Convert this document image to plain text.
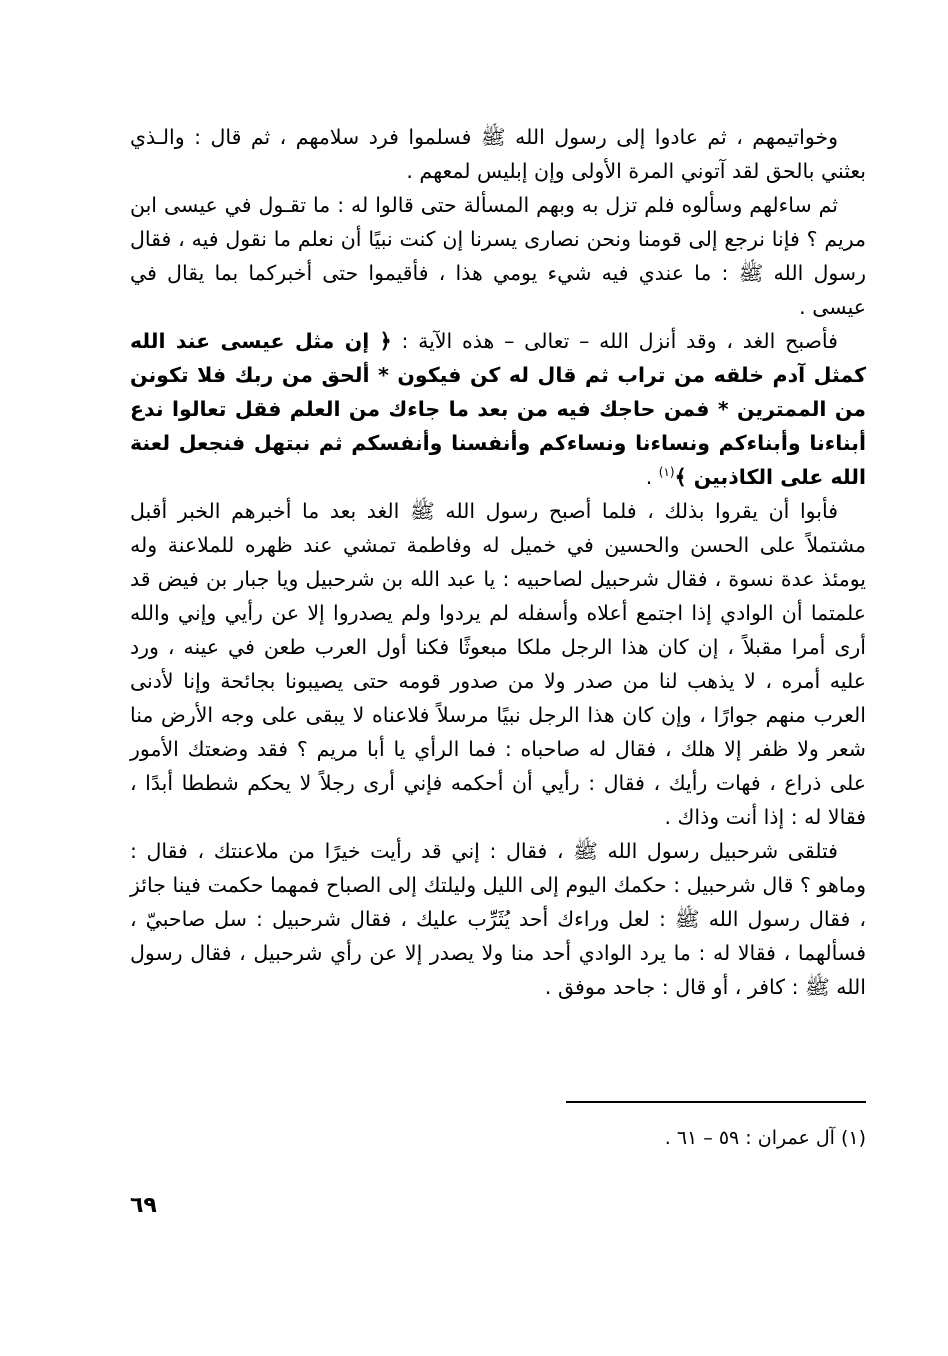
وخواتيمهم ، ثم عادوا إلى رسول الله ﷺ فسلموا فرد سلامهم ، ثم قال : والـذي بعثني بالحق لقد آتوني المرة الأولى وإن إبليس لمعهم .

ثم ساءلهم وسألوه فلم تزل به وبهم المسألة حتى قالوا له : ما تقـول في عيسى ابن مريم ؟ فإنا نرجع إلى قومنا ونحن نصارى يسرنا إن كنت نبيًا أن نعلم ما نقول فيه ، فقال رسول الله ﷺ : ما عندي فيه شيء يومي هذا ، فأقيموا حتى أخبركما بما يقال في عيسى .

فأصبح الغد ، وقد أنزل الله – تعالى – هذه الآية : ﴿ إن مثل عيسى عند الله كمثل آدم خلقه من تراب ثم قال له كن فيكون * ألحق من ربك فلا تكونن من الممترين * فمن حاجك فيه من بعد ما جاءك من العلم فقل تعالوا ندع أبناءنا وأبناءكم ونساءنا ونساءكم وأنفسنا وأنفسكم ثم نبتهل فنجعل لعنة الله على الكاذبين ﴾$^{(١)}$ .

فأبوا أن يقروا بذلك ، فلما أصبح رسول الله ﷺ الغد بعد ما أخبرهم الخبر أقبل مشتملاً على الحسن والحسين في خميل له وفاطمة تمشي عند ظهره للملاعنة وله يومئذ عدة نسوة ، فقال شرحبيل لصاحبيه : يا عبد الله بن شرحبيل ويا جبار بن فيض قد علمتما أن الوادي إذا اجتمع أعلاه وأسفله لم يردوا ولم يصدروا إلا عن رأيي وإني والله أرى أمرا مقبلاً ، إن كان هذا الرجل ملكا مبعوثًا فكنا أول العرب طعن في عينه ، ورد عليه أمره ، لا يذهب لنا من صدر ولا من صدور قومه حتى يصيبونا بجائحة وإنا لأدنى العرب منهم جوارًا ، وإن كان هذا الرجل نبيًا مرسلاً فلاعناه لا يبقى على وجه الأرض منا شعر ولا ظفر إلا هلك ، فقال له صاحباه : فما الرأي يا أبا مريم ؟ فقد وضعتك الأمور على ذراع ، فهات رأيك ، فقال : رأيي أن أحكمه فإني أرى رجلاً لا يحكم شططا أبدًا ، فقالا له : إذا أنت وذاك .

فتلقى شرحبيل رسول الله ﷺ ، فقال : إني قد رأيت خيرًا من ملاعنتك ، فقال : وماهو ؟ قال شرحبيل : حكمك اليوم إلى الليل وليلتك إلى الصباح فمهما حكمت فينا جائز ، فقال رسول الله ﷺ : لعل وراءك أحد يُثَرِّب عليك ، فقال شرحبيل : سل صاحبيّ ، فسألهما ، فقالا له : ما يرد الوادي أحد منا ولا يصدر إلا عن رأي شرحبيل ، فقال رسول الله ﷺ : كافر ، أو قال : جاحد موفق .

(١) آل عمران : ٥٩ – ٦١ .
٦٩
